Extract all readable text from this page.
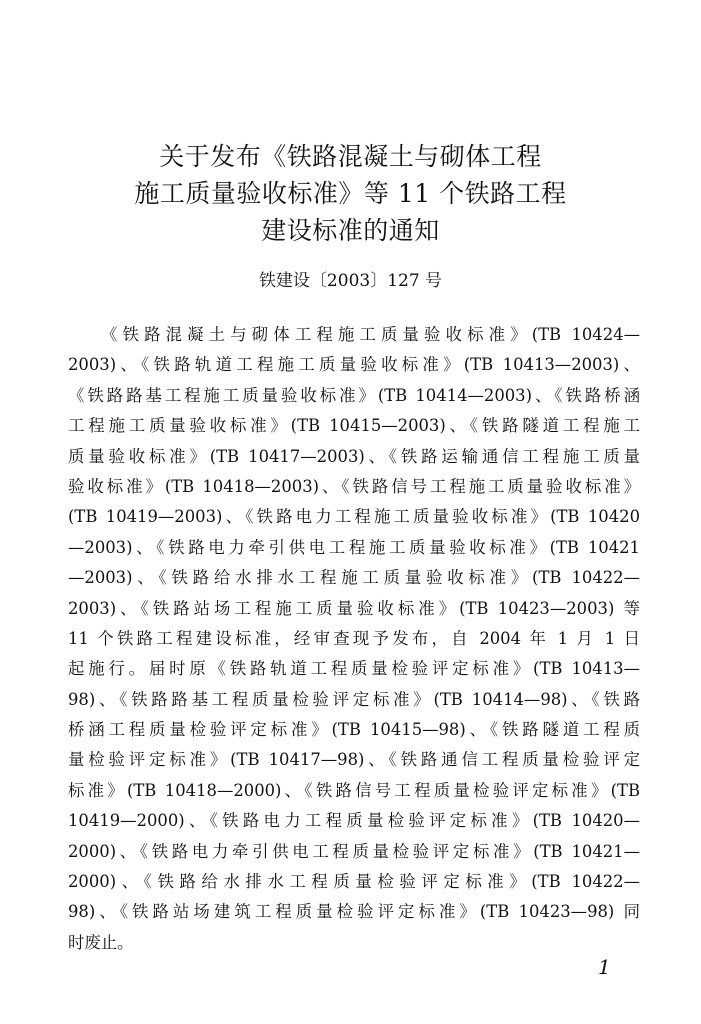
关于发布《铁路混凝土与砌体工程
施工质量验收标准》等 11 个铁路工程
建设标准的通知
铁建设〔2003〕127 号
《铁路混凝土与砌体工程施工质量验收标准》(TB 10424—
2003)、《铁路轨道工程施工质量验收标准》(TB 10413—2003)、
《铁路路基工程施工质量验收标准》(TB 10414—2003)、《铁路桥涵
工程施工质量验收标准》(TB 10415—2003)、《铁路隧道工程施工
质量验收标准》(TB 10417—2003)、《铁路运输通信工程施工质量
验收标准》(TB 10418—2003)、《铁路信号工程施工质量验收标准》
(TB 10419—2003)、《铁路电力工程施工质量验收标准》(TB 10420
—2003)、《铁路电力牵引供电工程施工质量验收标准》(TB 10421
—2003)、《铁路给水排水工程施工质量验收标准》(TB 10422—
2003)、《铁路站场工程施工质量验收标准》(TB 10423—2003) 等
11 个铁路工程建设标准，经审查现予发布，自 2004 年 1 月 1 日
起施行。届时原《铁路轨道工程质量检验评定标准》(TB 10413—
98)、《铁路路基工程质量检验评定标准》(TB 10414—98)、《铁路
桥涵工程质量检验评定标准》(TB 10415—98)、《铁路隧道工程质
量检验评定标准》(TB 10417—98)、《铁路通信工程质量检验评定
标准》(TB 10418—2000)、《铁路信号工程质量检验评定标准》(TB
10419—2000)、《铁路电力工程质量检验评定标准》(TB 10420—
2000)、《铁路电力牵引供电工程质量检验评定标准》(TB 10421—
2000)、《铁路给水排水工程质量检验评定标准》(TB 10422—
98)、《铁路站场建筑工程质量检验评定标准》(TB 10423—98) 同
时废止。
1
